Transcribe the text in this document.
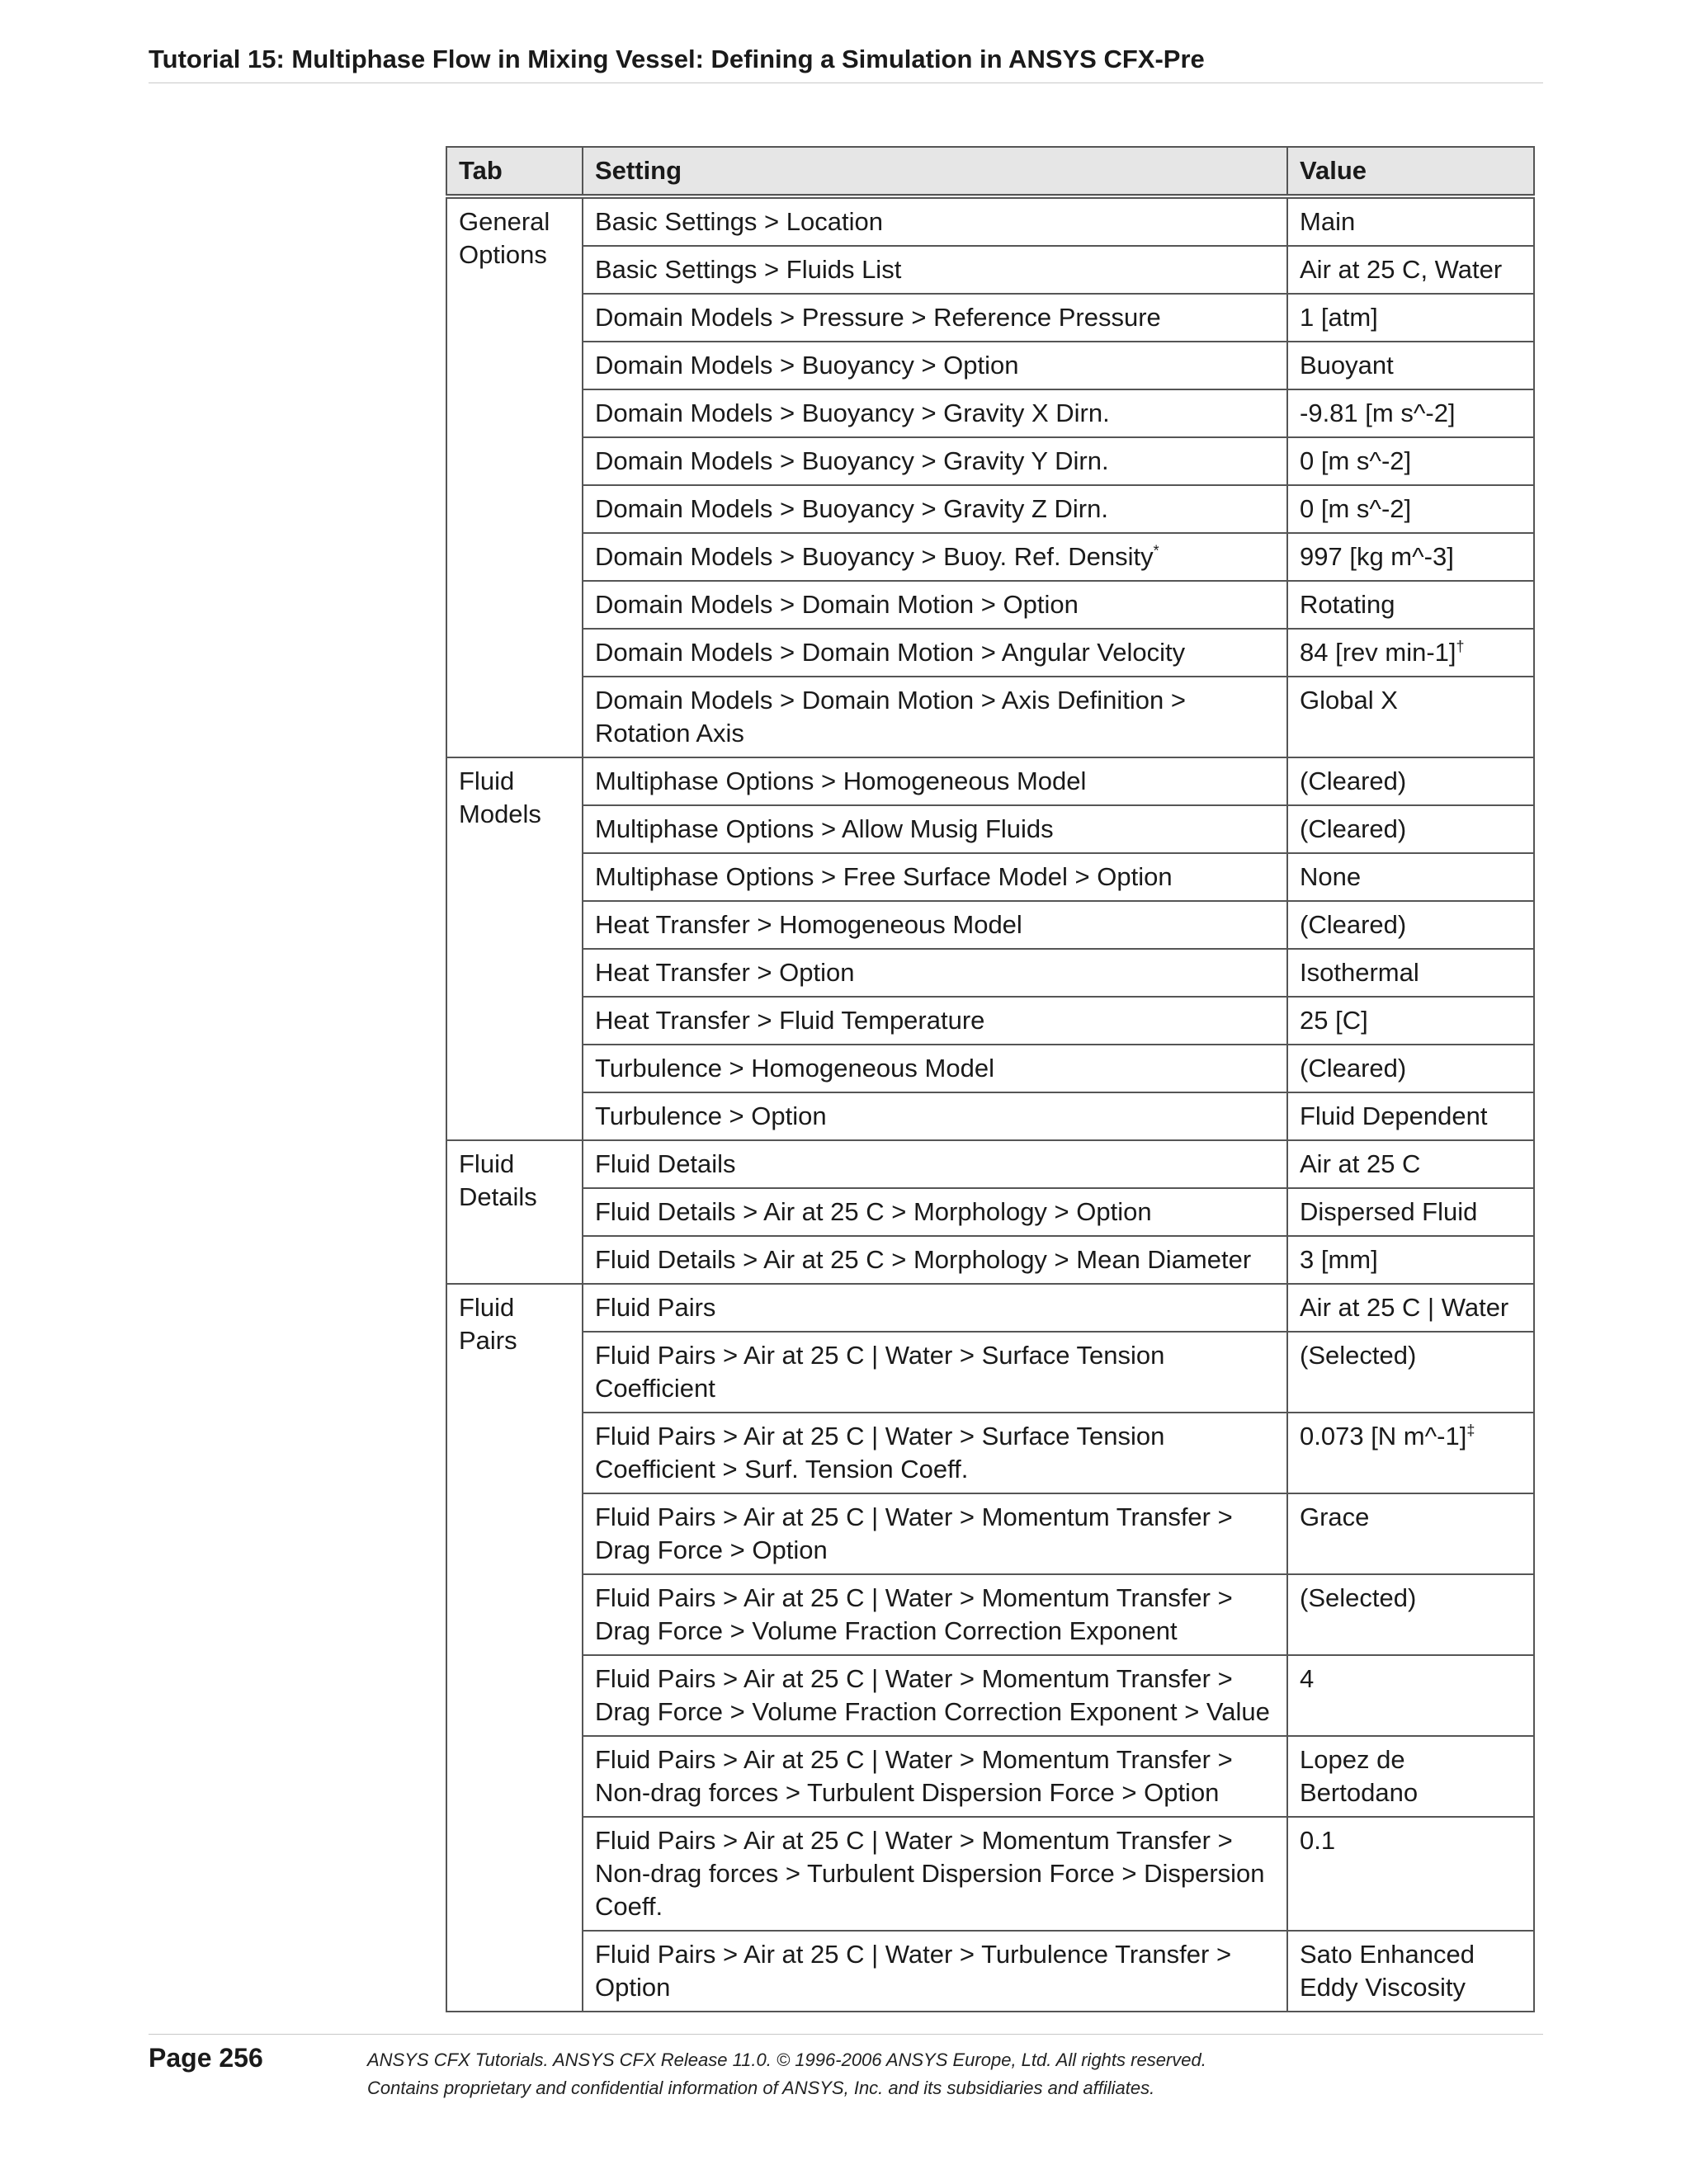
Tutorial 15: Multiphase Flow in Mixing Vessel: Defining a Simulation in ANSYS CFX-Pre
Tab	Setting	Value
General Options	Basic Settings > Location	Main
	Basic Settings > Fluids List	Air at 25 C, Water
	Domain Models > Pressure > Reference Pressure	1 [atm]
	Domain Models > Buoyancy > Option	Buoyant
	Domain Models > Buoyancy > Gravity X Dirn.	-9.81 [m s^-2]
	Domain Models > Buoyancy > Gravity Y Dirn.	0 [m s^-2]
	Domain Models > Buoyancy > Gravity Z Dirn.	0 [m s^-2]
	Domain Models > Buoyancy > Buoy. Ref. Density*	997 [kg m^-3]
	Domain Models > Domain Motion > Option	Rotating
	Domain Models > Domain Motion > Angular Velocity	84 [rev min-1]†
	Domain Models > Domain Motion > Axis Definition > Rotation Axis	Global X
Fluid Models	Multiphase Options > Homogeneous Model	(Cleared)
	Multiphase Options > Allow Musig Fluids	(Cleared)
	Multiphase Options > Free Surface Model > Option	None
	Heat Transfer > Homogeneous Model	(Cleared)
	Heat Transfer > Option	Isothermal
	Heat Transfer > Fluid Temperature	25 [C]
	Turbulence > Homogeneous Model	(Cleared)
	Turbulence > Option	Fluid Dependent
Fluid Details	Fluid Details	Air at 25 C
	Fluid Details > Air at 25 C > Morphology > Option	Dispersed Fluid
	Fluid Details > Air at 25 C > Morphology > Mean Diameter	3 [mm]
Fluid Pairs	Fluid Pairs	Air at 25 C | Water
	Fluid Pairs > Air at 25 C | Water > Surface Tension Coefficient	(Selected)
	Fluid Pairs > Air at 25 C | Water > Surface Tension Coefficient > Surf. Tension Coeff.	0.073 [N m^-1]‡
	Fluid Pairs > Air at 25 C | Water > Momentum Transfer > Drag Force > Option	Grace
	Fluid Pairs > Air at 25 C | Water > Momentum Transfer > Drag Force > Volume Fraction Correction Exponent	(Selected)
	Fluid Pairs > Air at 25 C | Water > Momentum Transfer > Drag Force > Volume Fraction Correction Exponent > Value	4
	Fluid Pairs > Air at 25 C | Water > Momentum Transfer > Non-drag forces > Turbulent Dispersion Force > Option	Lopez de Bertodano
	Fluid Pairs > Air at 25 C | Water > Momentum Transfer > Non-drag forces > Turbulent Dispersion Force > Dispersion Coeff.	0.1
	Fluid Pairs > Air at 25 C | Water > Turbulence Transfer > Option	Sato Enhanced Eddy Viscosity
Page 256	ANSYS CFX Tutorials. ANSYS CFX Release 11.0. © 1996-2006 ANSYS Europe, Ltd. All rights reserved.
Contains proprietary and confidential information of ANSYS, Inc. and its subsidiaries and affiliates.
